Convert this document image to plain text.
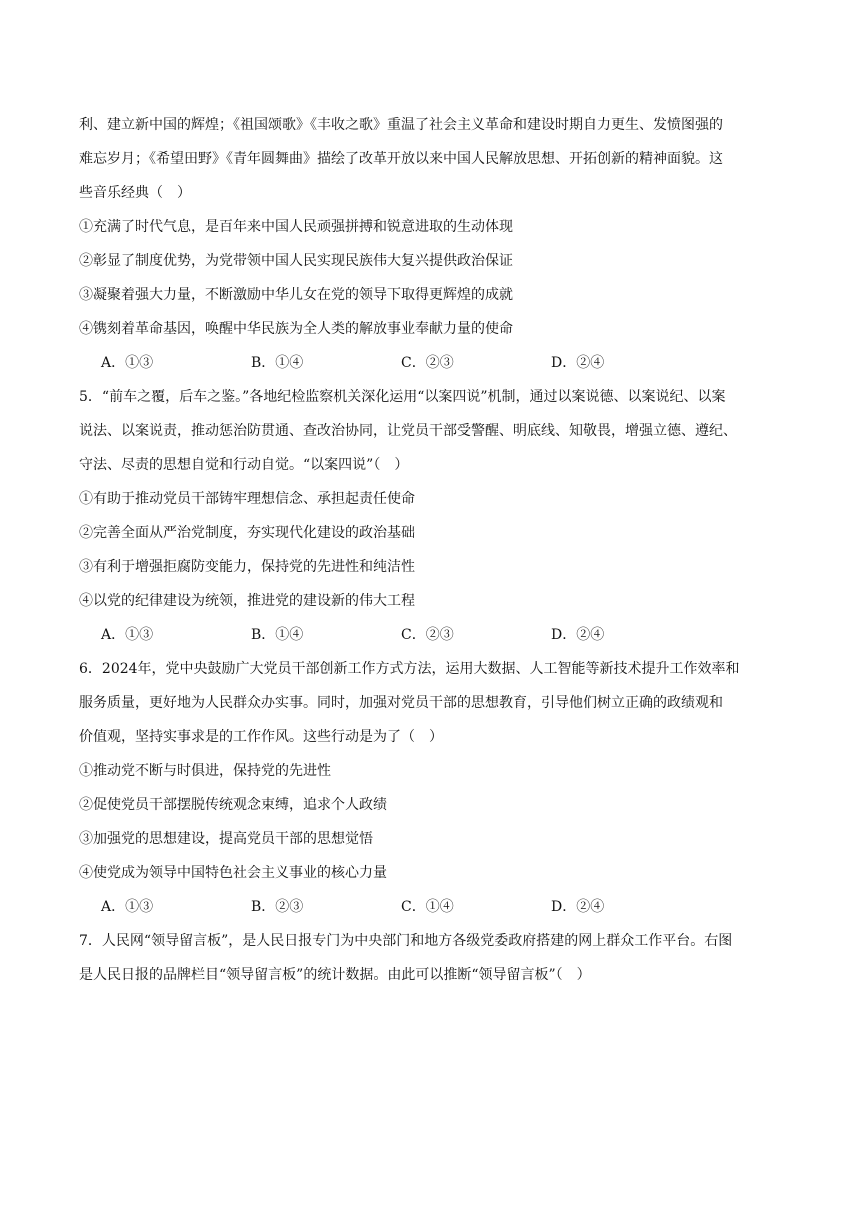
利、建立新中国的辉煌；《祖国颂歌》《丰收之歌》重温了社会主义革命和建设时期自力更生、发愤图强的
难忘岁月；《希望田野》《青年圆舞曲》描绘了改革开放以来中国人民解放思想、开拓创新的精神面貌。这
些音乐经典（　）
①充满了时代气息，是百年来中国人民顽强拼搏和锐意进取的生动体现
②彰显了制度优势，为党带领中国人民实现民族伟大复兴提供政治保证
③凝聚着强大力量，不断激励中华儿女在党的领导下取得更辉煌的成就
④镌刻着革命基因，唤醒中华民族为全人类的解放事业奉献力量的使命
A．①③	B．①④	C．②③	D．②④
5．“前车之覆，后车之鉴。”各地纪检监察机关深化运用“以案四说”机制，通过以案说德、以案说纪、以案
说法、以案说责，推动惩治防贯通、查改治协同，让党员干部受警醒、明底线、知敬畏，增强立德、遵纪、
守法、尽责的思想自觉和行动自觉。“以案四说”（　）
①有助于推动党员干部铸牢理想信念、承担起责任使命
②完善全面从严治党制度，夯实现代化建设的政治基础
③有利于增强拒腐防变能力，保持党的先进性和纯洁性
④以党的纪律建设为统领，推进党的建设新的伟大工程
A．①③	B．①④	C．②③	D．②④
6．2024年，党中央鼓励广大党员干部创新工作方式方法，运用大数据、人工智能等新技术提升工作效率和
服务质量，更好地为人民群众办实事。同时，加强对党员干部的思想教育，引导他们树立正确的政绩观和
价值观，坚持实事求是的工作作风。这些行动是为了（　）
①推动党不断与时俱进，保持党的先进性
②促使党员干部摆脱传统观念束缚，追求个人政绩
③加强党的思想建设，提高党员干部的思想觉悟
④使党成为领导中国特色社会主义事业的核心力量
A．①③	B．②③	C．①④	D．②④
7．人民网“领导留言板”，是人民日报专门为中央部门和地方各级党委政府搭建的网上群众工作平台。右图
是人民日报的品牌栏目“领导留言板”的统计数据。由此可以推断“领导留言板”（　）
